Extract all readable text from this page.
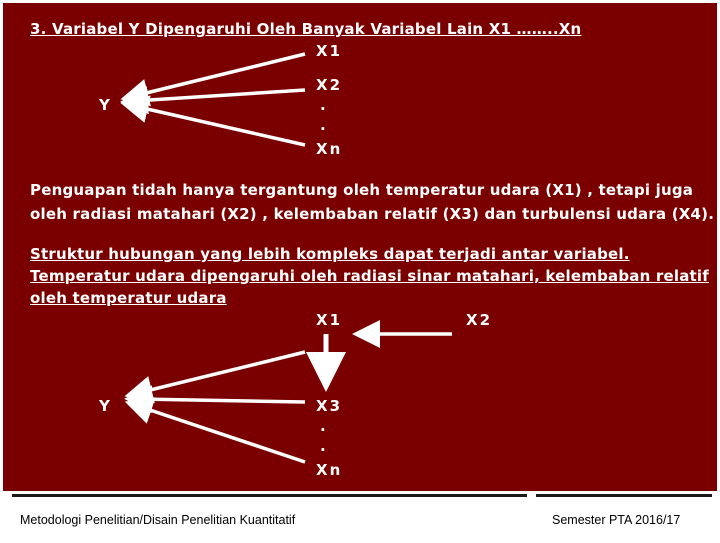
3. Variabel Y Dipengaruhi Oleh Banyak Variabel Lain X1 ……..Xn
X1
Y
X2
.
.
Xn
Penguapan tidah hanya tergantung oleh temperatur udara (X1) , tetapi juga
oleh radiasi matahari (X2) , kelembaban relatif (X3) dan turbulensi udara (X4).
Struktur hubungan yang lebih kompleks dapat terjadi antar variabel.
Temperatur udara dipengaruhi oleh radiasi sinar matahari, kelembaban relatif
oleh temperatur udara
X1	X2
Y	X3
.
.
Xn
Metodologi Penelitian/Disain Penelitian Kuantitatif	Semester PTA 2016/17
